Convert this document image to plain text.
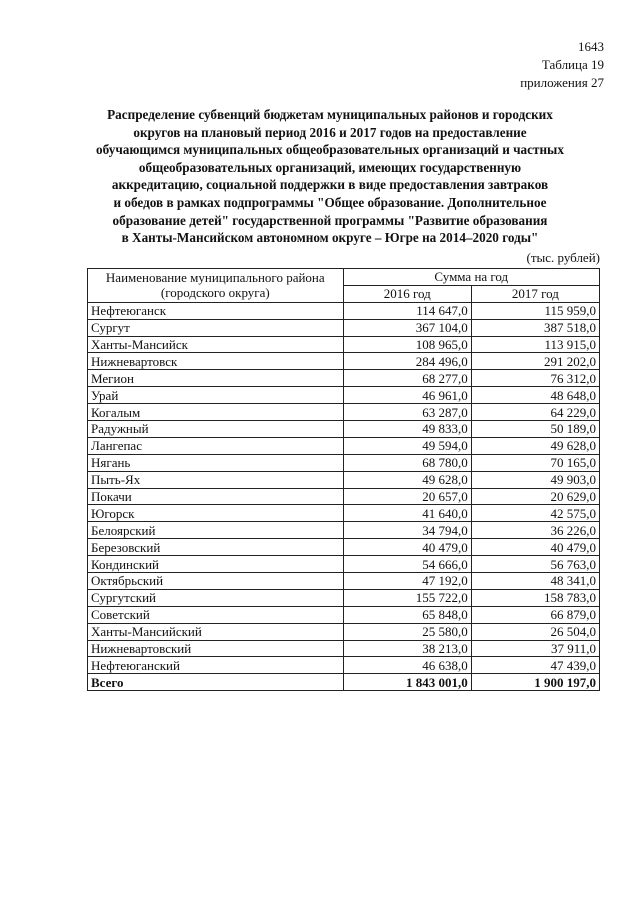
1643
Таблица 19
приложения 27
Распределение субвенций бюджетам муниципальных районов и городских
округов на плановый период 2016 и 2017 годов на предоставление
обучающимся муниципальных общеобразовательных организаций и частных
общеобразовательных организаций, имеющих государственную
аккредитацию, социальной поддержки в виде предоставления завтраков
и обедов в рамках подпрограммы "Общее образование. Дополнительное
образование детей" государственной программы "Развитие образования
в Ханты-Мансийском автономном округе – Югре на 2014–2020 годы"
(тыс. рублей)
Наименование муниципального района
(городского округа)	Сумма на год	
	2016 год	2017 год
Нефтеюганск	114 647,0	115 959,0
Сургут	367 104,0	387 518,0
Ханты-Мансийск	108 965,0	113 915,0
Нижневартовск	284 496,0	291 202,0
Мегион	68 277,0	76 312,0
Урай	46 961,0	48 648,0
Когалым	63 287,0	64 229,0
Радужный	49 833,0	50 189,0
Лангепас	49 594,0	49 628,0
Нягань	68 780,0	70 165,0
Пыть-Ях	49 628,0	49 903,0
Покачи	20 657,0	20 629,0
Югорск	41 640,0	42 575,0
Белоярский	34 794,0	36 226,0
Березовский	40 479,0	40 479,0
Кондинский	54 666,0	56 763,0
Октябрьский	47 192,0	48 341,0
Сургутский	155 722,0	158 783,0
Советский	65 848,0	66 879,0
Ханты-Мансийский	25 580,0	26 504,0
Нижневартовский	38 213,0	37 911,0
Нефтеюганский	46 638,0	47 439,0
Всего	1 843 001,0	1 900 197,0
